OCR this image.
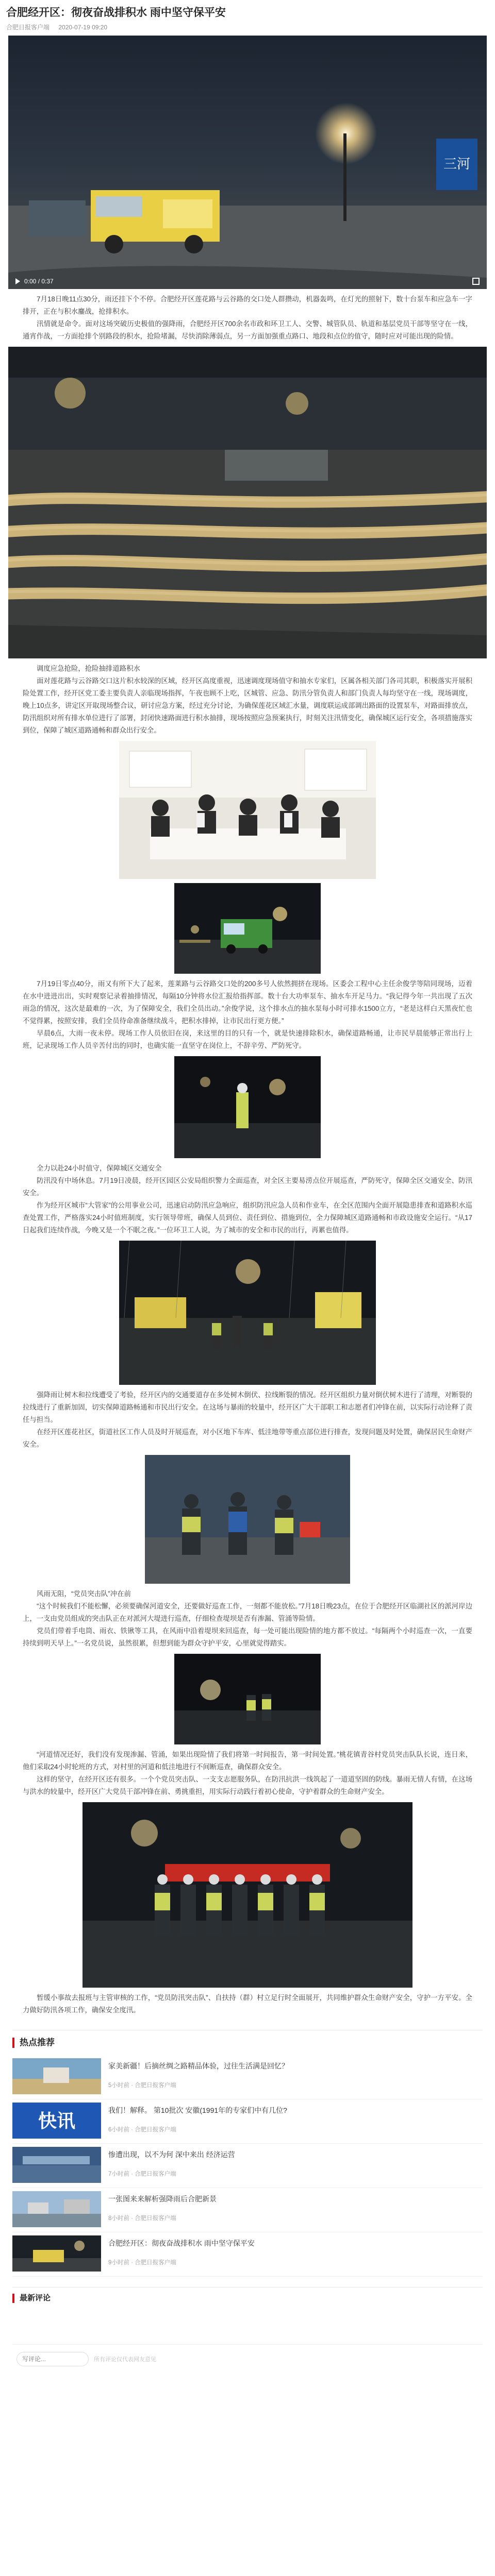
合肥经开区：彻夜奋战排积水 雨中坚守保平安
合肥日报客户端 2020-07-19 09:20
三河
0:00 / 0:37

7月18日晚11点30分，雨还挂下个不停。合肥经开区莲花路与云谷路的交口处人群攒动，机器轰鸣，在灯光的照射下，数十台泵车和应急车一字排开，正在与积水鏖战，抢排积水。

汛情就是命令。面对这场突破历史极值的强降雨，合肥经开区700余名市政和环卫工人、交警、城管队员、轨道和基层党员干部等坚守在一线，通宵作战，一方面抢排个别路段的积水，抢险堵漏，尽快消除薄弱点，另一方面加强重点路口、地段和点位的值守，随时应对可能出现的险情。

调度应急抢险，抢险抽排道路积水

面对莲花路与云谷路交口这片积水较深的区域，经开区高度重视，迅速调度现场值守和抽水专家们，区属各相关部门各司其职，积极落实开展积险处置工作，经开区党工委主要负责人亲临现场指挥，午夜也顾不上吃，区城管、应急、防汛分管负责人和部门负责人每均坚守在一线，现场调度，晚上10点多，讲定区开取现场整合议，研讨应急方案，经过充分讨论，为确保莲花区域汇水量，调度联运成部调出路面的设置泵车，对路面排放点，防汛组织对所有排水单位进行了部署，封闭快速路面进行积水抽排，现场按照应急预案执行，时刻关注汛情变化，确保城区运行安全，各项措施落实到位，保障了城区道路通畅和群众出行安全。

7月19日零点40分，雨又有所下大了起来，莲莱路与云谷路交口处的200多号人依然拥挤在现场。区委会工程中心主任余俊学等陪同现场，迈着在水中进进出出，实时观察记录着抽排情况，每隔10分钟将水位汇报给指挥部。数十台大功率泵车、抽水车开足马力。“我记得今年一共出现了五次雨急的情况，这次是最难的一次，为了保障安全，我们全员出动。”余俊学说，这个排水点的抽水泵每小时可排水1500立方，“老是这样白天黑夜忙也不觉得累，按照安排，我们全员待命准备继续战斗，把积水排掉，让市民出行更方便。”

早晨6点，大雨一夜未停。现场工作人员依旧在岗，来这里的目的只有一个，就是快速排除积水，确保道路畅通，让市民早晨能够正常出行上班，记录现场工作人员辛苦付出的同时，也确实能一直坚守在岗位上，不辞辛劳、严防死守。

全力以赴24小时值守，保障城区交通安全

防汛没有中场休息。7月19日凌晨，经开区园区公安局组织警力全面巡查，对全区主要易涝点位开展巡查，严防死守，保障全区交通安全、防汛安全。

作为经开区城市“大管家”的公用事业公司，迅速启动防汛应急响应，组织防汛应急人员和作业车，在全区范围内全面开展隐患排查和道路积水巡查处置工作，严格落实24小时值班制度，实行领导带班，确保人员到位、责任到位、措施到位，全力保障城区道路通畅和市政设施安全运行。“从17日起我们连续作战，今晚又是一个不眠之夜。”一位环卫工人说，为了城市的安全和市民的出行，再累也值得。

强降雨让树木和拉线遭受了考验，经开区内的交通要道存在多处树木倒伏、拉线断裂的情况。经开区组织力量对倒伏树木进行了清理，对断裂的拉线进行了重新加固，切实保障道路畅通和市民出行安全。在这场与暴雨的较量中，经开区广大干部职工和志愿者们冲锋在前，以实际行动诠释了责任与担当。

在经开区莲花社区，街道社区工作人员及时开展巡查，对小区地下车库、低洼地带等重点部位进行排查，发现问题及时处置，确保居民生命财产安全。

风雨无阻，“党员突击队”冲在前

“这个时候我们不能松懈，必须要确保河道安全，还要做好巡查工作，一刻都不能放松。”7月18日晚23点，在位于合肥经开区临湖社区的派河岸边上，一支由党员组成的突击队正在对派河大堤进行巡查，仔细检查堤坝是否有渗漏、管涌等险情。

党员们带着手电筒、雨衣、铁锹等工具，在风雨中沿着堤坝来回巡查，每一处可能出现险情的地方都不放过。“每隔两个小时巡查一次，一直要持续到明天早上。”一名党员说，虽然很累，但想到能为群众守护平安，心里就觉得踏实。

“河道情况还好，我们没有发现渗漏、管涌，如果出现险情了我们将第一时间报告，第一时间处置。”桃花镇青谷村党员突击队队长说，连日来，他们采取24小时轮班的方式，对村里的河道和低洼地进行不间断巡查，确保群众安全。

这样的坚守，在经开区还有很多。一个个党员突击队、一支支志愿服务队，在防汛抗洪一线筑起了一道道坚固的防线。暴雨无情人有情，在这场与洪水的较量中，经开区广大党员干部冲锋在前、勇挑重担，用实际行动践行着初心使命，守护着群众的生命财产安全。

暂缓小事故去报班与主管审核的工作，“党员防汛突击队”、自扶持（群）村立足行时全面展开，共同维护群众生命财产安全，守护一方平安。全力做好防汛各项工作，确保安全度汛。

热点推荐
家美新疆！后摘丝绸之路精品体验，过往生活满是回忆？
5小时前 · 合肥日报客户端
快讯
我们！解释。 第10批次 安徽(1991年的专家们中有几位?
6小时前 · 合肥日报客户端
惨遭出现，以不为何 深中来出 经济运营
7小时前 · 合肥日报客户端
一张图来来解析强降雨后合肥新景
8小时前 · 合肥日报客户端
合肥经开区：彻夜奋战排积水 雨中坚守保平安
9小时前 · 合肥日报客户端
最新评论
写评论...
所有评论仅代表网友意见
